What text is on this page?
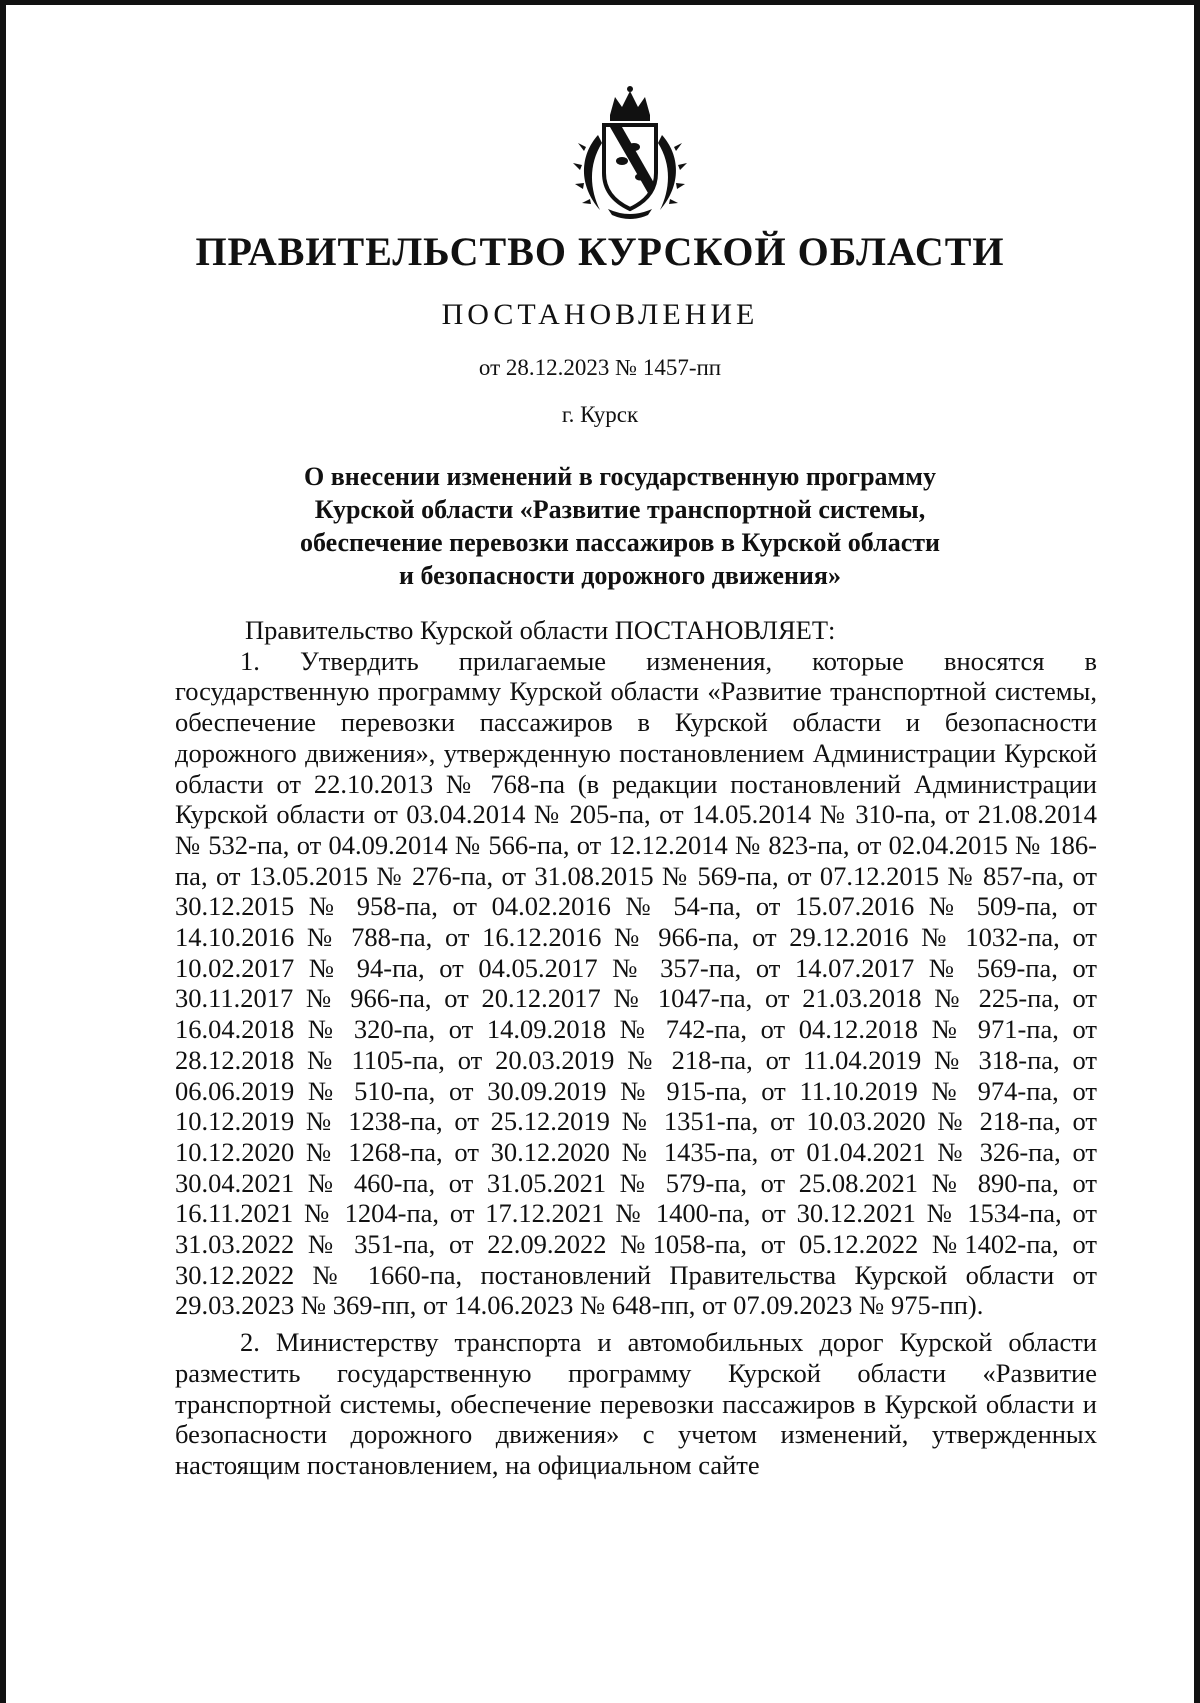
ПРАВИТЕЛЬСТВО КУРСКОЙ ОБЛАСТИ
ПОСТАНОВЛЕНИЕ
от 28.12.2023 № 1457-пп
г. Курск
О внесении изменений в государственную программу
Курской области «Развитие транспортной системы,
обеспечение перевозки пассажиров в Курской области
и безопасности дорожного движения»

Правительство Курской области ПОСТАНОВЛЯЕТ:

1. Утвердить прилагаемые изменения, которые вносятся в государственную программу Курской области «Развитие транспортной системы, обеспечение перевозки пассажиров в Курской области и безопасности дорожного движения», утвержденную постановлением Администрации Курской области от 22.10.2013 № 768-па (в редакции постановлений Администрации Курской области от 03.04.2014 № 205-па, от 14.05.2014 № 310-па, от 21.08.2014 № 532-па, от 04.09.2014 № 566-па, от 12.12.2014 № 823-па, от 02.04.2015 № 186-па, от 13.05.2015 № 276-па, от 31.08.2015 № 569-па, от 07.12.2015 № 857-па, от 30.12.2015 № 958-па, от 04.02.2016 № 54-па, от 15.07.2016 № 509-па, от 14.10.2016 № 788-па, от 16.12.2016 № 966-па, от 29.12.2016 № 1032-па, от 10.02.2017 № 94-па, от 04.05.2017 № 357-па, от 14.07.2017 № 569-па, от 30.11.2017 № 966-па, от 20.12.2017 № 1047-па, от 21.03.2018 № 225-па, от 16.04.2018 № 320-па, от 14.09.2018 № 742-па, от 04.12.2018 № 971-па, от 28.12.2018 № 1105-па, от 20.03.2019 № 218-па, от 11.04.2019 № 318-па, от 06.06.2019 № 510-па, от 30.09.2019 № 915-па, от 11.10.2019 № 974-па, от 10.12.2019 № 1238-па, от 25.12.2019 № 1351-па, от 10.03.2020 № 218-па, от 10.12.2020 № 1268-па, от 30.12.2020 № 1435-па, от 01.04.2021 № 326-па, от 30.04.2021 № 460-па, от 31.05.2021 № 579-па, от 25.08.2021 № 890-па, от 16.11.2021 № 1204-па, от 17.12.2021 № 1400-па, от 30.12.2021 № 1534-па, от 31.03.2022 № 351-па, от 22.09.2022 №1058-па, от 05.12.2022 №1402-па, от 30.12.2022 № 1660-па, постановлений Правительства Курской области от 29.03.2023 № 369-пп, от 14.06.2023 № 648-пп, от 07.09.2023 № 975-пп).

2. Министерству транспорта и автомобильных дорог Курской области разместить государственную программу Курской области «Развитие транспортной системы, обеспечение перевозки пассажиров в Курской области и безопасности дорожного движения» с учетом изменений, утвержденных настоящим постановлением, на официальном сайте
